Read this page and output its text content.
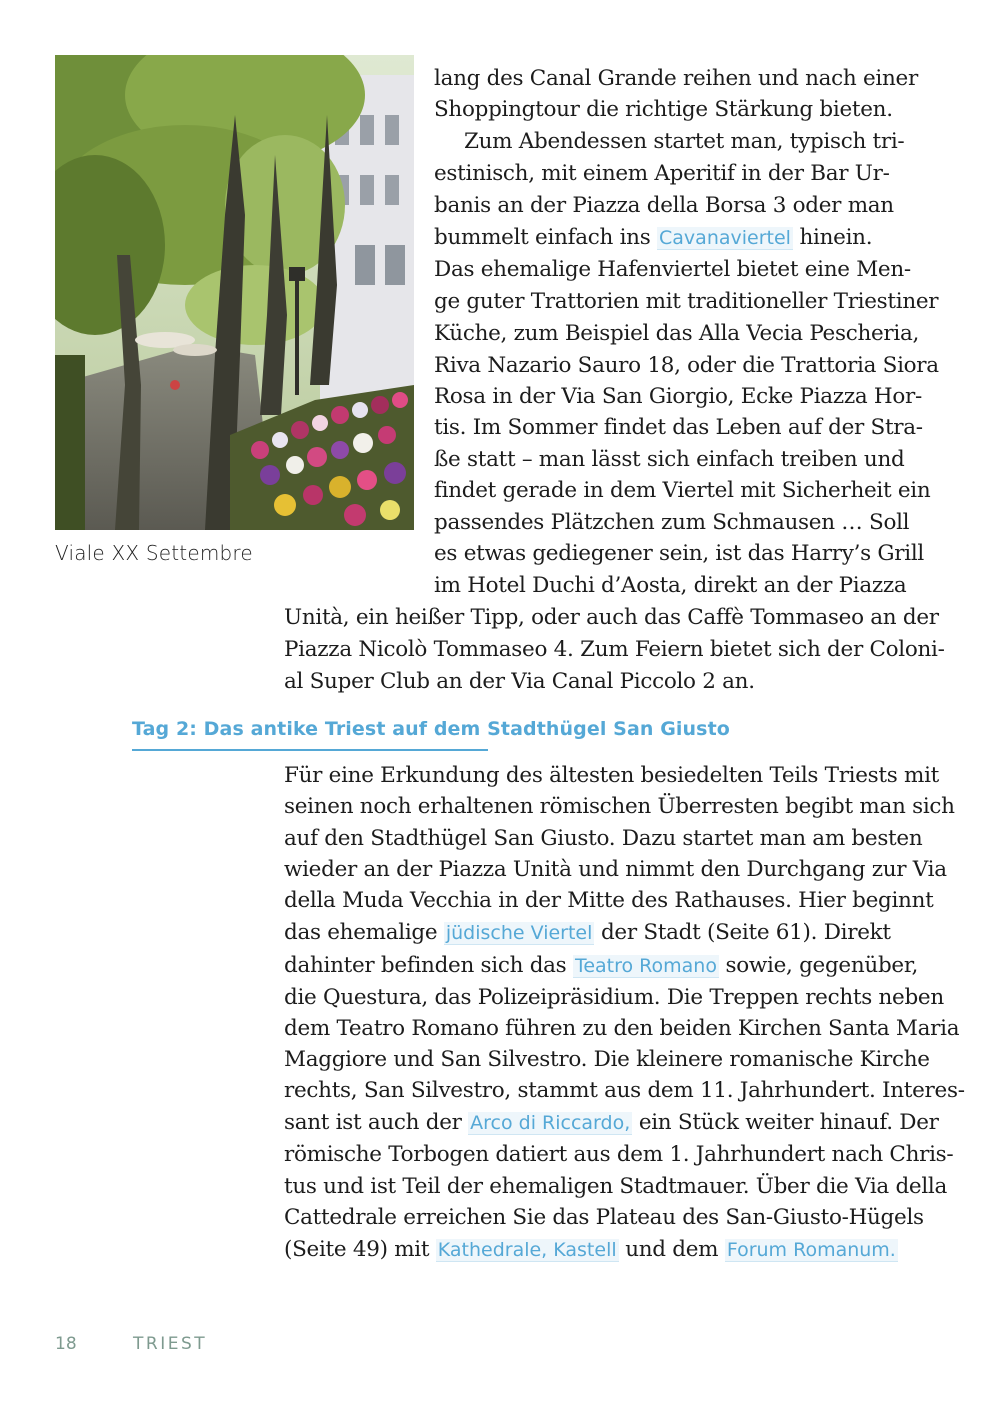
Viale XX Settembre
lang des Canal Grande reihen und nach einer
Shoppingtour die richtige Stärkung bieten.
Zum Abendessen startet man, typisch tri-
estinisch, mit einem Aperitif in der Bar Ur-
banis an der Piazza della Borsa 3 oder man
bummelt einfach ins Cavanaviertel hinein.
Das ehemalige Hafenviertel bietet eine Men-
ge guter Trattorien mit traditioneller Triestiner
Küche, zum Beispiel das Alla Vecia Pescheria,
Riva Nazario Sauro 18, oder die Trattoria Siora
Rosa in der Via San Giorgio, Ecke Piazza Hor-
tis. Im Sommer findet das Leben auf der Stra-
ße statt – man lässt sich einfach treiben und
findet gerade in dem Viertel mit Sicherheit ein
passendes Plätzchen zum Schmausen … Soll
es etwas gediegener sein, ist das Harry’s Grill
im Hotel Duchi d’Aosta, direkt an der Piazza
Unità, ein heißer Tipp, oder auch das Caffè Tommaseo an der
Piazza Nicolò Tommaseo 4. Zum Feiern bietet sich der Coloni-
al Super Club an der Via Canal Piccolo 2 an.
Tag 2: Das antike Triest auf dem Stadthügel San Giusto
Für eine Erkundung des ältesten besiedelten Teils Triests mit
seinen noch erhaltenen römischen Überresten begibt man sich
auf den Stadthügel San Giusto. Dazu startet man am besten
wieder an der Piazza Unità und nimmt den Durchgang zur Via
della Muda Vecchia in der Mitte des Rathauses. Hier beginnt
das ehemalige jüdische Viertel der Stadt (Seite 61). Direkt
dahinter befinden sich das Teatro Romano sowie, gegenüber,
die Questura, das Polizeipräsidium. Die Treppen rechts neben
dem Teatro Romano führen zu den beiden Kirchen Santa Maria
Maggiore und San Silvestro. Die kleinere romanische Kirche
rechts, San Silvestro, stammt aus dem 11. Jahrhundert. Interes-
sant ist auch der Arco di Riccardo, ein Stück weiter hinauf. Der
römische Torbogen datiert aus dem 1. Jahrhundert nach Chris-
tus und ist Teil der ehemaligen Stadtmauer. Über die Via della
Cattedrale erreichen Sie das Plateau des San-Giusto-Hügels
(Seite 49) mit Kathedrale, Kastell und dem Forum Romanum.
18	TRIEST
